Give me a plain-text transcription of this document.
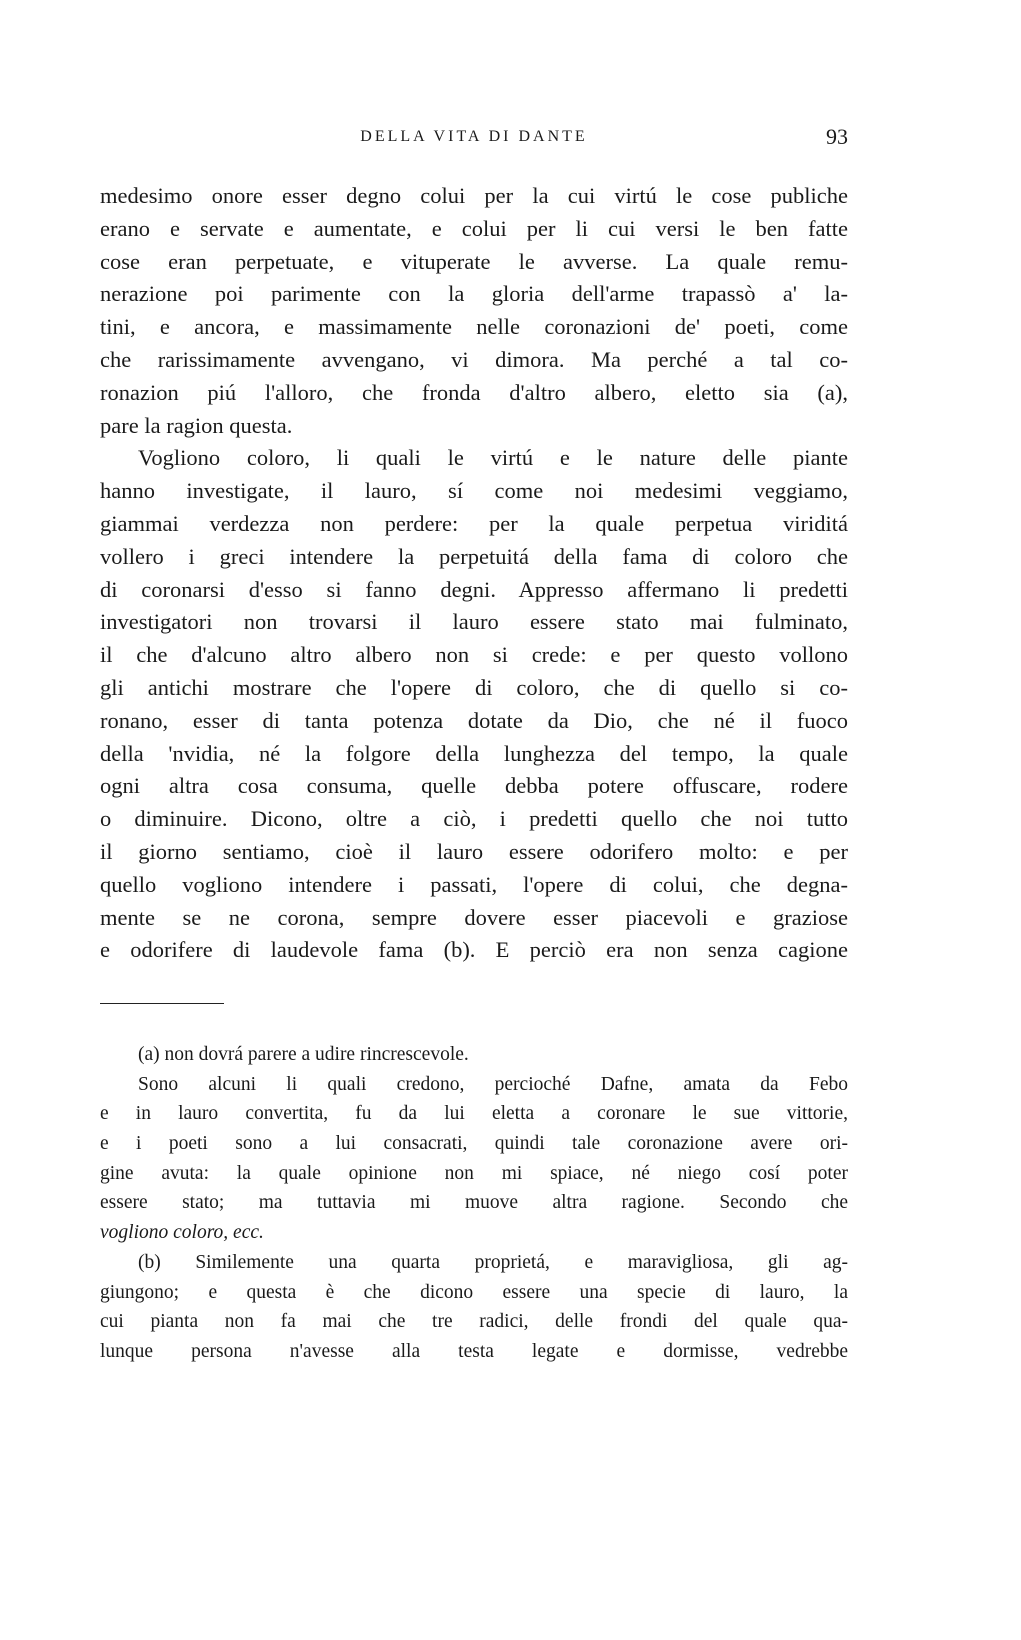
DELLA VITA DI DANTE	93
medesimo onore esser degno colui per la cui virtú le cose publiche
erano e servate e aumentate, e colui per li cui versi le ben fatte
cose eran perpetuate, e vituperate le avverse. La quale remu-
nerazione poi parimente con la gloria dell'arme trapassò a' la-
tini, e ancora, e massimamente nelle coronazioni de' poeti, come
che rarissimamente avvengano, vi dimora. Ma perché a tal co-
ronazion piú l'alloro, che fronda d'altro albero, eletto sia (a),
pare la ragion questa.
Vogliono coloro, li quali le virtú e le nature delle piante
hanno investigate, il lauro, sí come noi medesimi veggiamo,
giammai verdezza non perdere: per la quale perpetua viriditá
vollero i greci intendere la perpetuitá della fama di coloro che
di coronarsi d'esso si fanno degni. Appresso affermano li predetti
investigatori non trovarsi il lauro essere stato mai fulminato,
il che d'alcuno altro albero non si crede: e per questo vollono
gli antichi mostrare che l'opere di coloro, che di quello si co-
ronano, esser di tanta potenza dotate da Dio, che né il fuoco
della 'nvidia, né la folgore della lunghezza del tempo, la quale
ogni altra cosa consuma, quelle debba potere offuscare, rodere
o diminuire. Dicono, oltre a ciò, i predetti quello che noi tutto
il giorno sentiamo, cioè il lauro essere odorifero molto: e per
quello vogliono intendere i passati, l'opere di colui, che degna-
mente se ne corona, sempre dovere esser piacevoli e graziose
e odorifere di laudevole fama (b). E perciò era non senza cagione
(a) non dovrá parere a udire rincrescevole.
Sono alcuni li quali credono, percioché Dafne, amata da Febo
e in lauro convertita, fu da lui eletta a coronare le sue vittorie,
e i poeti sono a lui consacrati, quindi tale coronazione avere ori-
gine avuta: la quale opinione non mi spiace, né niego cosí poter
essere stato; ma tuttavia mi muove altra ragione. Secondo che
vogliono coloro, ecc.
(b) Similemente una quarta proprietá, e maravigliosa, gli ag-
giungono; e questa è che dicono essere una specie di lauro, la
cui pianta non fa mai che tre radici, delle frondi del quale qua-
lunque persona n'avesse alla testa legate e dormisse, vedrebbe
